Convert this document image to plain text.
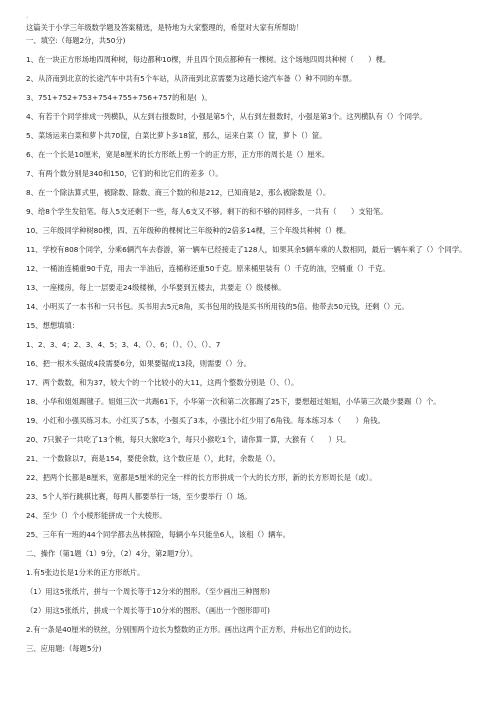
。
这篇关于小学三年级数学题及答案精选，是特地为大家整理的，希望对大家有所帮助！
一、填空:（每题2分，共50分)
1、在一块正方形场地四周种树，每边都种10棵，并且四个顶点都种有一棵树。这个场地四周共种树（　　）棵。
2、从济南到北京的长途汽车中共有5个车站，从济南到北京需要为这趟长途汽车备（）种不同的车票。
3、751+752+753+754+755+756+757的和是(  )。
4、有若干个同学排成一列横队，从左到右报数时，小强是第5个，从右到左报数时，小强是第3个。这列横队有（）个同学。
5、菜场运来白菜和萝卜共70筐，白菜比萝卜多18筐，那么，运来白菜（）筐，萝卜（）筐。
6、在一个长是10厘米，宽是8厘米的长方形纸上剪一个的正方形，正方形的周长是（）厘米。
7、有两个数分别是340和150，它们的和比它们的差多（）。
8、在一个除法算式里，被除数、除数、商三个数的和是212，已知商是2，那么被除数是（）。
9、给8个学生发铅笔。每人5支还剩下一些，每人6支又不够。剩下的和不够的同样多，一共有（　　）支铅笔。
10、三年级同学种树80棵，四、五年级种的棵树比三年级种的2倍多14棵，三个年级共种树（）棵。
11、学校有808个同学，分乘6辆汽车去春游，第一辆车已经接走了128人，如果其余5辆车乘的人数相同，最后一辆车乘了（）个同学。
12、一桶油连桶重90千克，用去一半油后，连桶称还重50千克。原来桶里装有（）千克的油，空桶重（）千克。
13、一座楼房，每上一层要走24级楼梯，小华要到五楼去，共要走（）级楼梯。
14、小明买了一本书和一只书包。买书用去5元8角，买书包用的钱是买书所用钱的5倍。他带去50元钱，还剩（）元。
15、想想填填：
1、2、3、4；2、3、4、5；3、4、（）、6；（）、（）、（）、7
16、把一根木头锯成4段需要6分，如果要锯成13段，则需要（）分。
17、两个数数，和为37，较大个的一个比较小的大11，这两个整数分别是（）、（）。
18、小华和姐姐踢毽子。姐姐三次一共踢61下，小华第一次和第二次都踢了25下，要想超过姐姐，小华第三次最少要踢（）个。
19、小红和小强买练习本。小红买了5本，小强买了3本，小强比小红少用了6角钱。每本练习本（　　）角钱。
20、7只猴子一共吃了13个桃，每只大猴吃3个，每只小猴吃1个，请你算一算，大猴有（　　）只。
21、一个数除以7，商是154，要使余数，这个数应是（），此时，余数是（）。
22、把两个长都是8厘米，宽都是5厘米的完全一样的长方形拼成一个大的长方形，新的长方形周长是（或）。
23、5个人举行跳棋比赛，每两人都要举行一场，至少要举行（）场。
24、至少（）个小棱形能拼成一个大棱形。
25、三年有一班的44个同学都去丛林探险，每辆小车只能坐6人，该租（）辆车。
二、操作（第1题（1）9分，（2）4分，第2题7分）。
1.有5张边长是1分米的正方形纸片。
（1）用这5张纸片，拼与一个周长等于12分米的图形。（至少画出三种图形)
（2）用这5张纸片，拼成一个周长等于10分米的图形。（画出一个图形即可)
2.有一条是40厘米的铁丝，分别围两个边长为整数的正方形。画出这两个正方形，并标出它们的边长。
三、应用题:（每题5分)
